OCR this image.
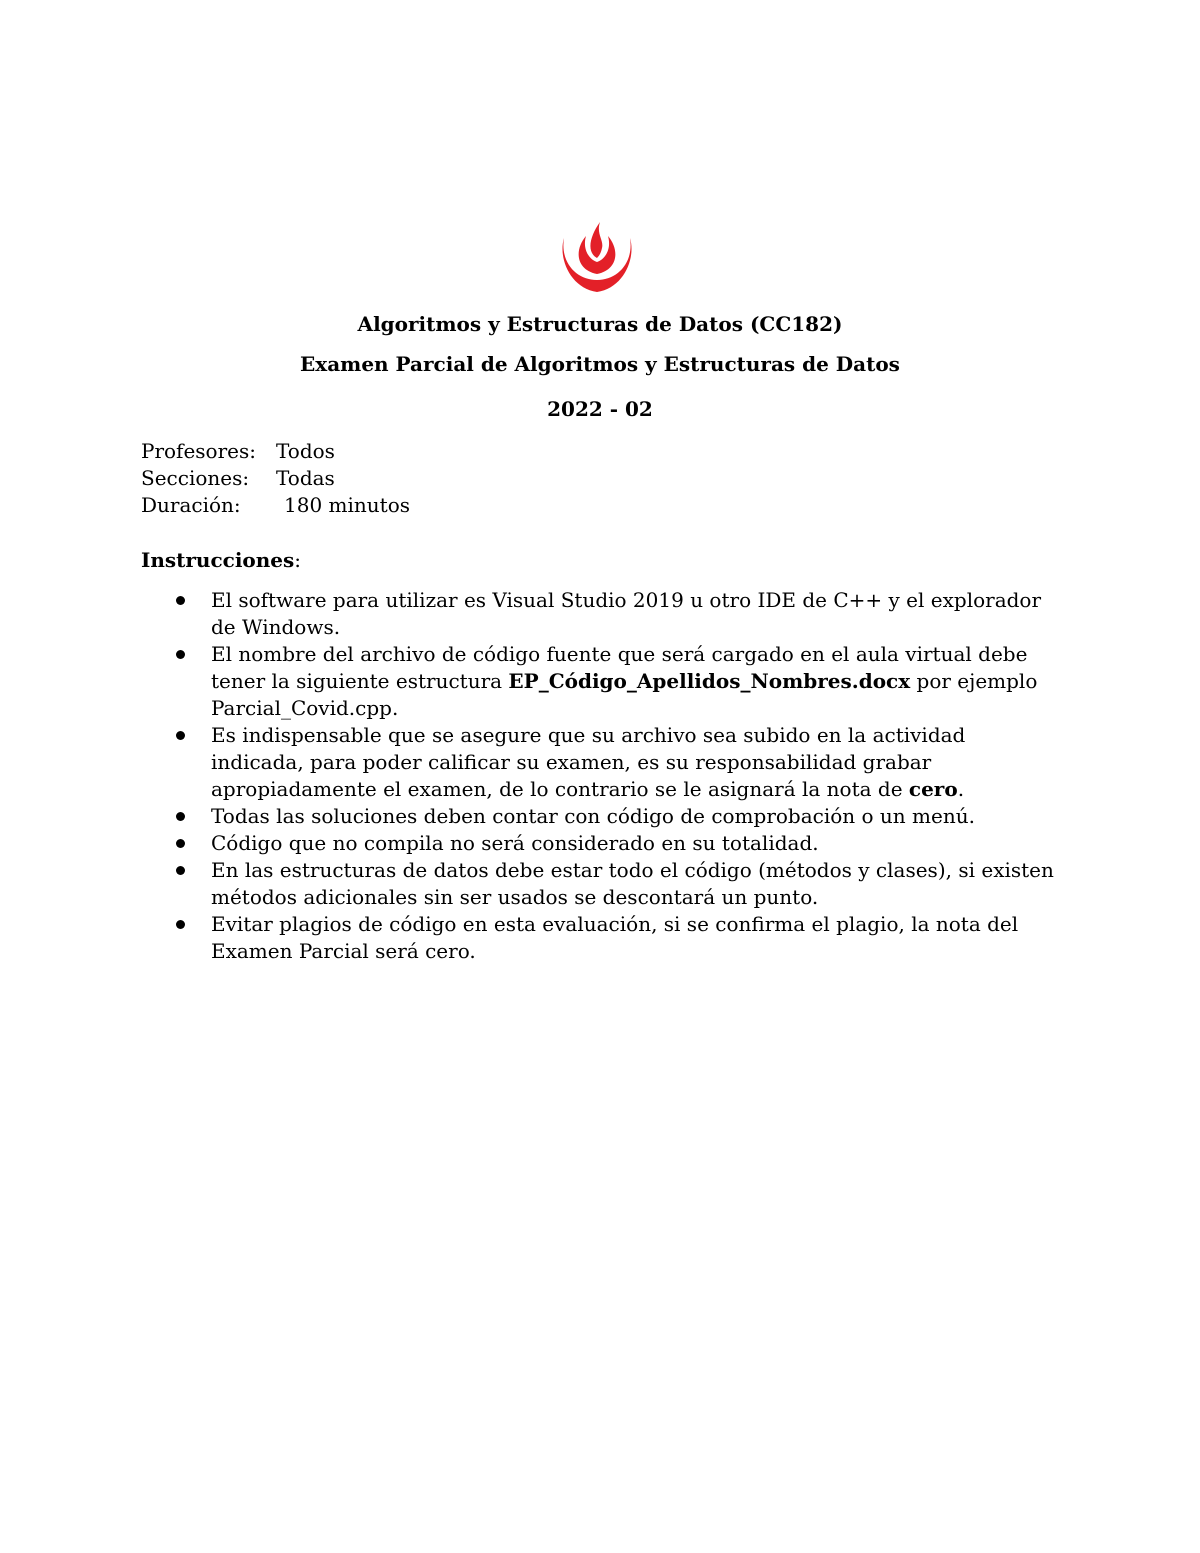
Algoritmos y Estructuras de Datos (CC182)
Examen Parcial de Algoritmos y Estructuras de Datos
2022 - 02
Profesores:	Todos
Secciones:	Todas
Duración:	180 minutos
Instrucciones:
El software para utilizar es Visual Studio 2019 u otro IDE de C++ y el explorador de Windows.
El nombre del archivo de código fuente que será cargado en el aula virtual debe tener la siguiente estructura EP_Código_Apellidos_Nombres.docx por ejemplo Parcial_Covid.cpp.
Es indispensable que se asegure que su archivo sea subido en la actividad indicada, para poder calificar su examen, es su responsabilidad grabar apropiadamente el examen, de lo contrario se le asignará la nota de cero.
Todas las soluciones deben contar con código de comprobación o un menú.
Código que no compila no será considerado en su totalidad.
En las estructuras de datos debe estar todo el código (métodos y clases), si existen métodos adicionales sin ser usados se descontará un punto.
Evitar plagios de código en esta evaluación, si se confirma el plagio, la nota del Examen Parcial será cero.
